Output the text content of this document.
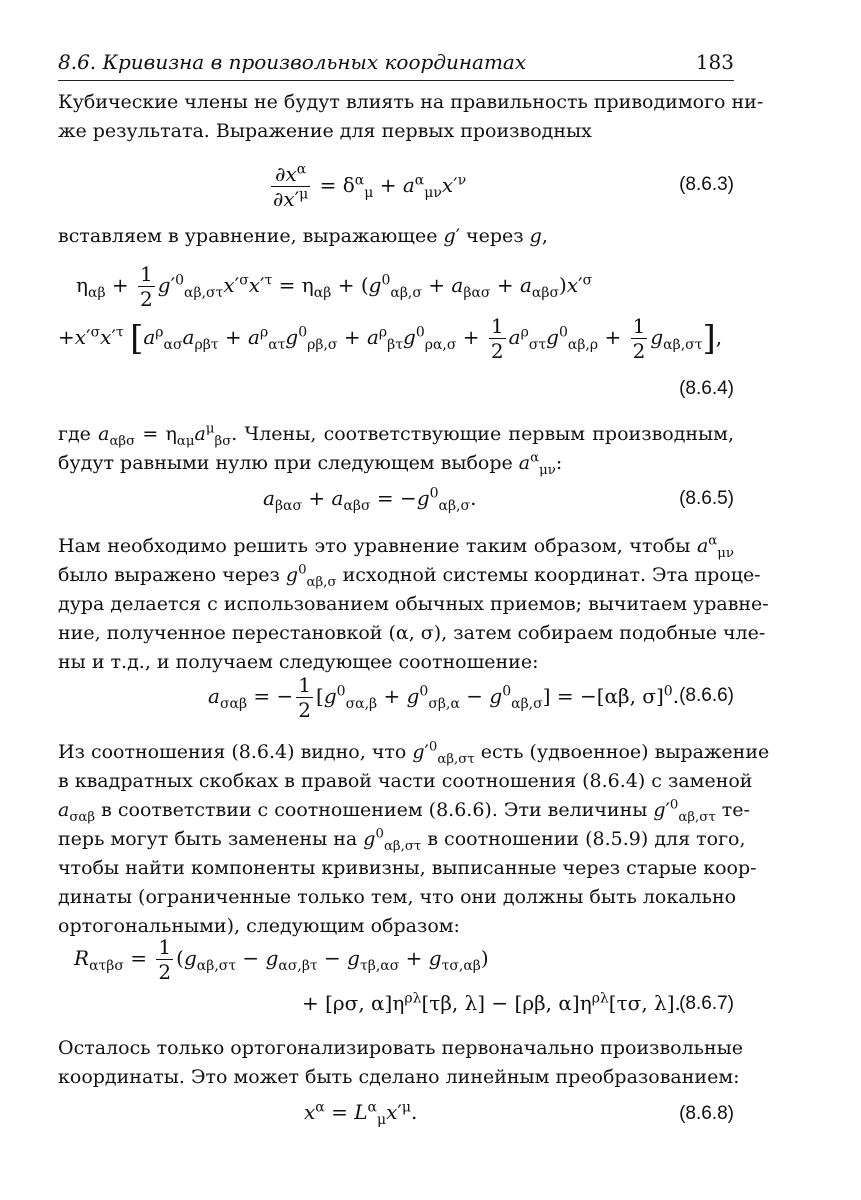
8.6. Кривизна в произвольных координатах	183
Кубические члены не будут влиять на правильность приводимого ни-
же результата. Выражение для первых производных
$\frac{\partial x^\alpha}{\partial x'^\mu} = \delta^\alpha_\mu + a^\alpha_{\mu\nu}x'^\nu$	(8.6.3)
вставляем в уравнение, выражающее g′ через g,
$\eta_{\alpha\beta} + \frac{1}{2} g'^0_{\alpha\beta,\sigma\tau}x'^\sigma x'^\tau = \eta_{\alpha\beta} + (g^0_{\alpha\beta,\sigma} + a_{\beta\alpha\sigma} + a_{\alpha\beta\sigma})x'^\sigma$
$+x'^\sigma x'^\tau$ $[a^\rho_{\alpha\sigma}a_{\rho\beta\tau} + a^\rho_{\alpha\tau}g^0_{\rho\beta,\sigma} + a^\rho_{\beta\tau}g^0_{\rho\alpha,\sigma} + \frac{1}{2} a^\rho_{\sigma\tau}g^0_{\alpha\beta,\rho} + \frac{1}{2} g_{\alpha\beta,\sigma\tau}]$,
(8.6.4)
где $a_{\alpha\beta\sigma} = \eta_{\alpha\mu}a^\mu_{\beta\sigma}$. Члены, соответствующие первым производным,
будут равными нулю при следующем выборе $a^\alpha_{\mu\nu}$:
$a_{\beta\alpha\sigma} + a_{\alpha\beta\sigma} = -g^0_{\alpha\beta,\sigma}$.	(8.6.5)
Нам необходимо решить это уравнение таким образом, чтобы $a^\alpha_{\mu\nu}$
было выражено через $g^0_{\alpha\beta,\sigma}$ исходной системы координат. Эта проце-
дура делается с использованием обычных приемов; вычитаем уравне-
ние, полученное перестановкой (α, σ), затем собираем подобные чле-
ны и т.д., и получаем следующее соотношение:
$a_{\sigma\alpha\beta}$ = − $\frac{1}{2} [g^0_{\sigma\alpha,\beta} + g^0_{\sigma\beta,\alpha} - g^0_{\alpha\beta,\sigma}] = -[\alpha\beta$, σ]$^0$. (8.6.6)
Из соотношения (8.6.4) видно, что $g'^0_{\alpha\beta,\sigma\tau}$ есть (удвоенное) выражение
в квадратных скобках в правой части соотношения (8.6.4) с заменой
$a_{\sigma\alpha\beta}$ в соответствии с соотношением (8.6.6). Эти величины $g'^0_{\alpha\beta,\sigma\tau}$ те-
перь могут быть заменены на $g^0_{\alpha\beta,\sigma\tau}$ в соотношении (8.5.9) для того,
чтобы найти компоненты кривизны, выписанные через старые коор-
динаты (ограниченные только тем, что они должны быть локально
ортогональными), следующим образом:
$R_{\alpha\tau\beta\sigma} = \frac{1}{2} (g_{\alpha\beta,\sigma\tau} - g_{\alpha\sigma,\beta\tau} - g_{\tau\beta,\alpha\sigma} + g_{\tau\sigma,\alpha\beta})$
+ [ρσ, $\alpha]\eta^{\rho\lambda}[\tau\beta$, λ] − [ρβ, $\alpha]\eta^{\rho\lambda}[\tau\sigma$, λ].
(8.6.7)
Осталось только ортогонализировать первоначально произвольные
координаты. Это может быть сделано линейным преобразованием:
$x^\alpha = L^\alpha_\mu x'^\mu$.	(8.6.8)
